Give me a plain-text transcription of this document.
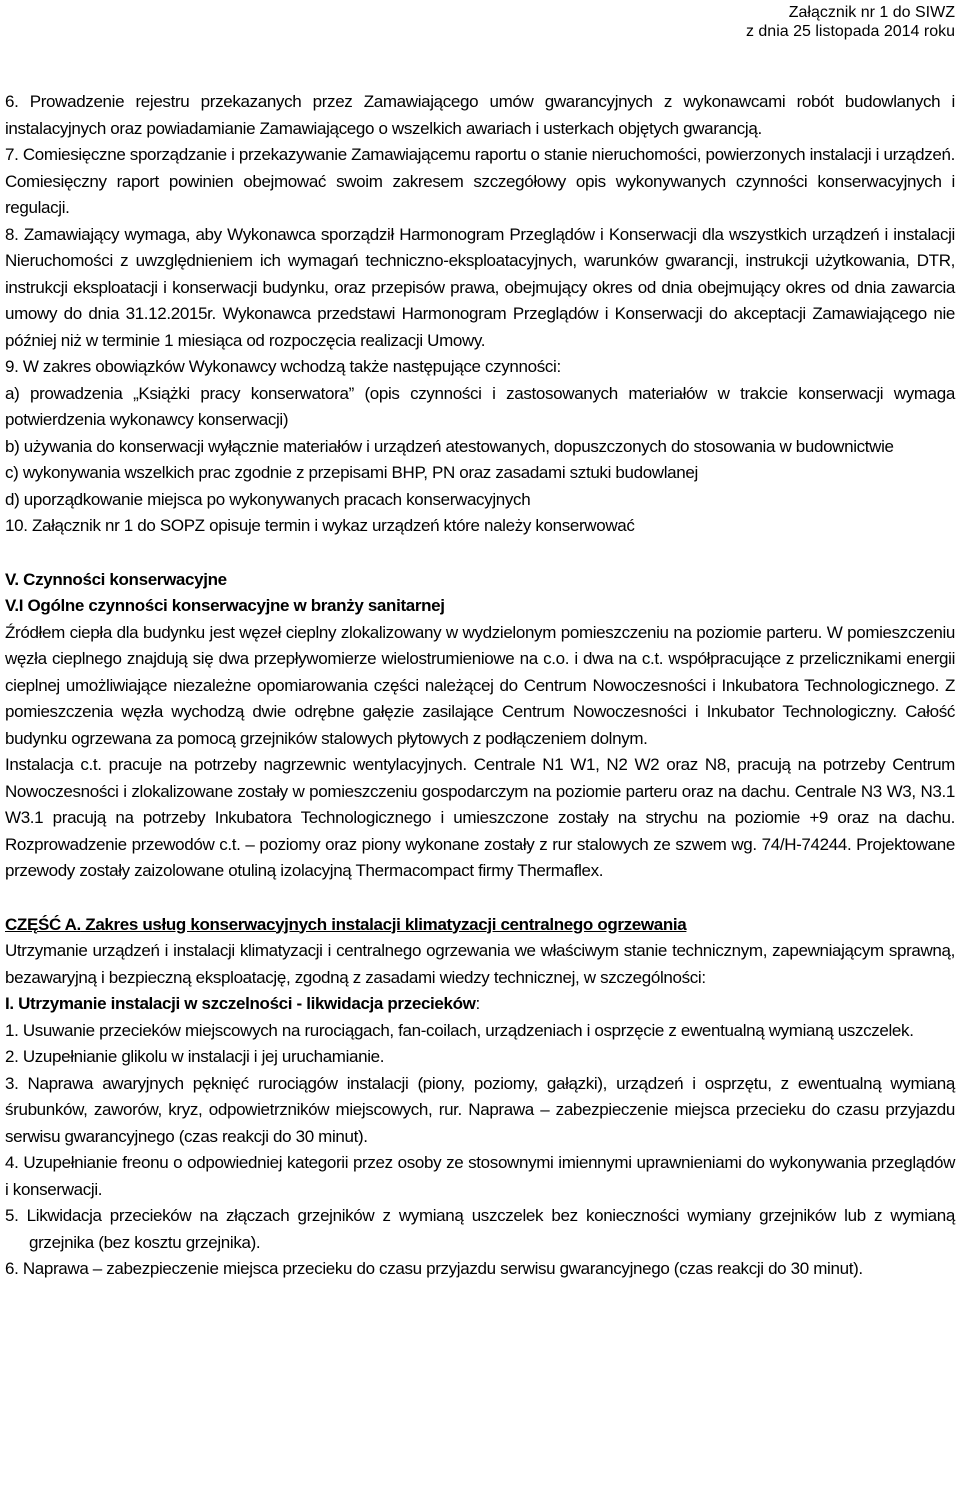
Załącznik nr 1 do SIWZ
z dnia 25 listopada 2014 roku

6. Prowadzenie rejestru przekazanych przez Zamawiającego umów gwarancyjnych z wykonawcami robót budowlanych i instalacyjnych oraz powiadamianie Zamawiającego o wszelkich awariach i usterkach objętych gwarancją.

7. Comiesięczne sporządzanie i przekazywanie Zamawiającemu raportu o stanie nieruchomości, powierzonych instalacji i urządzeń. Comiesięczny raport powinien obejmować swoim zakresem szczegółowy opis wykonywanych czynności konserwacyjnych i regulacji.

8. Zamawiający wymaga, aby Wykonawca sporządził Harmonogram Przeglądów i Konserwacji dla wszystkich urządzeń i instalacji Nieruchomości z uwzględnieniem ich wymagań techniczno-eksploatacyjnych, warunków gwarancji, instrukcji użytkowania, DTR, instrukcji eksploatacji i konserwacji budynku, oraz przepisów prawa, obejmujący okres od dnia obejmujący okres od dnia zawarcia umowy do dnia 31.12.2015r. Wykonawca przedstawi Harmonogram Przeglądów i Konserwacji do akceptacji Zamawiającego nie później niż w terminie 1 miesiąca od rozpoczęcia realizacji Umowy.

9. W zakres obowiązków Wykonawcy wchodzą także następujące czynności:

a) prowadzenia „Książki pracy konserwatora” (opis czynności i zastosowanych materiałów w trakcie konserwacji wymaga potwierdzenia wykonawcy konserwacji)

b) używania do konserwacji wyłącznie materiałów i urządzeń atestowanych, dopuszczonych do stosowania w budownictwie

c) wykonywania wszelkich prac zgodnie z przepisami BHP, PN oraz zasadami sztuki budowlanej

d) uporządkowanie miejsca po wykonywanych pracach konserwacyjnych

10. Załącznik nr 1 do SOPZ opisuje termin i wykaz urządzeń które należy konserwować

V. Czynności konserwacyjne

V.I Ogólne czynności konserwacyjne w branży sanitarnej

Źródłem ciepła dla budynku jest węzeł cieplny zlokalizowany w wydzielonym pomieszczeniu na poziomie parteru. W pomieszczeniu węzła cieplnego znajdują się dwa przepływomierze wielostrumieniowe na c.o. i dwa na c.t. współpracujące z przelicznikami energii cieplnej umożliwiające niezależne opomiarowania części należącej do Centrum Nowoczesności i Inkubatora Technologicznego. Z pomieszczenia węzła wychodzą dwie odrębne gałęzie zasilające Centrum Nowoczesności i Inkubator Technologiczny. Całość budynku ogrzewana za pomocą grzejników stalowych płytowych z podłączeniem dolnym.

Instalacja c.t. pracuje na potrzeby nagrzewnic wentylacyjnych. Centrale N1 W1, N2 W2 oraz N8, pracują na potrzeby Centrum Nowoczesności i zlokalizowane zostały w pomieszczeniu gospodarczym na poziomie parteru oraz na dachu. Centrale N3 W3, N3.1 W3.1 pracują na potrzeby Inkubatora Technologicznego i umieszczone zostały na strychu na poziomie +9 oraz na dachu. Rozprowadzenie przewodów c.t. – poziomy oraz piony wykonane zostały z rur stalowych ze szwem wg. 74/H-74244. Projektowane przewody zostały zaizolowane otuliną izolacyjną Thermacompact firmy Thermaflex.

CZĘŚĆ A. Zakres usług konserwacyjnych instalacji klimatyzacji centralnego ogrzewania

Utrzymanie urządzeń i instalacji klimatyzacji i centralnego ogrzewania we właściwym stanie technicznym, zapewniającym sprawną, bezawaryjną i bezpieczną eksploatację, zgodną z zasadami wiedzy technicznej, w szczególności:

I. Utrzymanie instalacji w szczelności - likwidacja przecieków:

1. Usuwanie przecieków miejscowych na rurociągach, fan-coilach, urządzeniach i osprzęcie z ewentualną wymianą uszczelek.

2. Uzupełnianie glikolu w instalacji i jej uruchamianie.

3. Naprawa awaryjnych pęknięć rurociągów instalacji (piony, poziomy, gałązki), urządzeń i osprzętu, z ewentualną wymianą śrubunków, zaworów, kryz, odpowietrzników miejscowych, rur. Naprawa – zabezpieczenie miejsca przecieku do czasu przyjazdu serwisu gwarancyjnego (czas reakcji do 30 minut).

4. Uzupełnianie freonu o odpowiedniej kategorii przez osoby ze stosownymi imiennymi uprawnieniami do wykonywania przeglądów i konserwacji.

5. Likwidacja przecieków na złączach grzejników z wymianą uszczelek bez konieczności wymiany grzejników lub z wymianą grzejnika (bez kosztu grzejnika).

6. Naprawa – zabezpieczenie miejsca przecieku do czasu przyjazdu serwisu gwarancyjnego (czas reakcji do 30 minut).
